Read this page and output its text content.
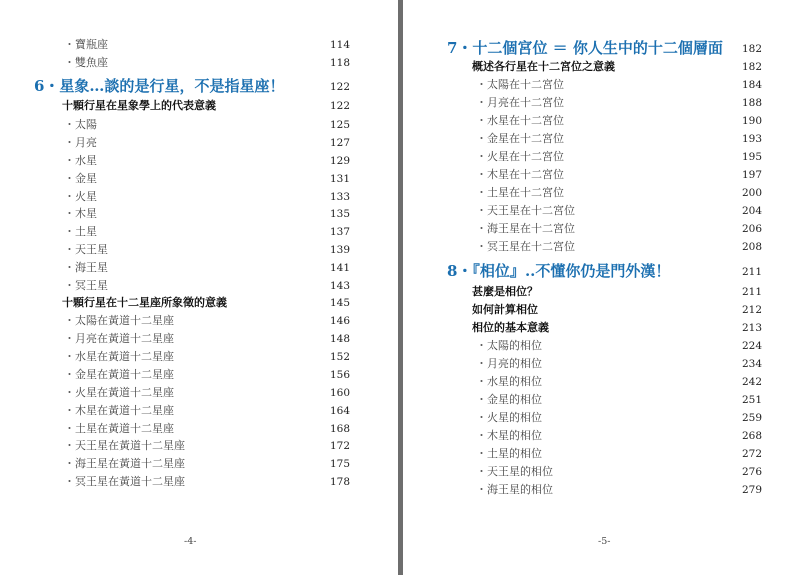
・ 寶瓶座	114
・ 雙魚座	118
6・星象…談的是行星，不是指星座！	122
十顆行星在星象學上的代表意義	122
・ 太陽	125
・ 月亮	127
・ 水星	129
・ 金星	131
・ 火星	133
・ 木星	135
・ 土星	137
・ 天王星	139
・ 海王星	141
・ 冥王星	143
十顆行星在十二星座所象徵的意義	145
・ 太陽在黃道十二星座	146
・ 月亮在黃道十二星座	148
・ 水星在黃道十二星座	152
・ 金星在黃道十二星座	156
・ 火星在黃道十二星座	160
・ 木星在黃道十二星座	164
・ 土星在黃道十二星座	168
・ 天王星在黃道十二星座	172
・ 海王星在黃道十二星座	175
・ 冥王星在黃道十二星座	178
-4-
7・十二個宮位 ＝ 你人生中的十二個層面	182
概述各行星在十二宮位之意義	182
・ 太陽在十二宮位	184
・ 月亮在十二宮位	188
・ 水星在十二宮位	190
・ 金星在十二宮位	193
・ 火星在十二宮位	195
・ 木星在十二宮位	197
・ 土星在十二宮位	200
・ 天王星在十二宮位	204
・ 海王星在十二宮位	206
・ 冥王星在十二宮位	208
8・『相位』..不懂你仍是門外漢！	211
甚麼是相位？	211
如何計算相位	212
相位的基本意義	213
・ 太陽的相位	224
・ 月亮的相位	234
・ 水星的相位	242
・ 金星的相位	251
・ 火星的相位	259
・ 木星的相位	268
・ 土星的相位	272
・ 天王星的相位	276
・ 海王星的相位	279
-5-
